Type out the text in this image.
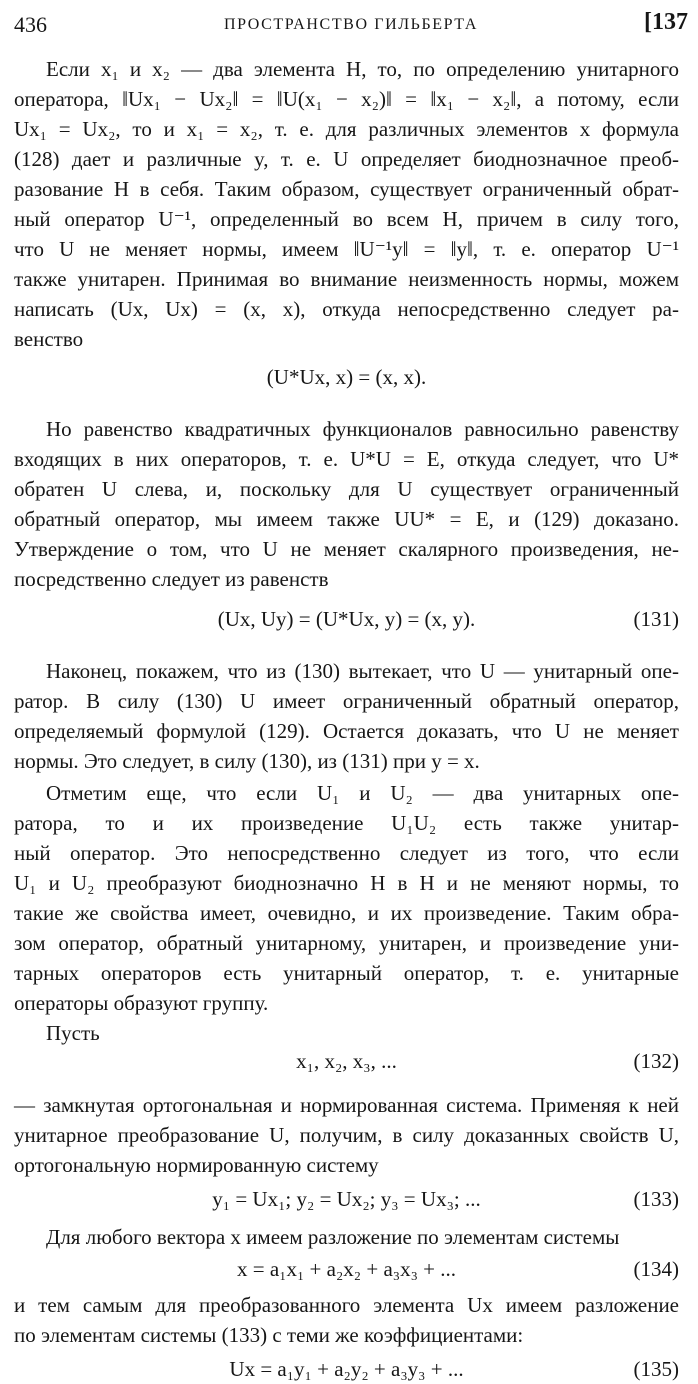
436	ПРОСТРАНСТВО ГИЛЬБЕРТА	[137
Если x₁ и x₂ — два элемента H, то, по определению унитарного
оператора, ‖Ux₁ − Ux₂‖ = ‖U(x₁ − x₂)‖ = ‖x₁ − x₂‖, а потому, если
Ux₁ = Ux₂, то и x₁ = x₂, т. е. для различных элементов x формула
(128) дает и различные y, т. е. U определяет биоднозначное преоб-
разование H в себя. Таким образом, существует ограниченный обрат-
ный оператор U⁻¹, определенный во всем H, причем в силу того,
что U не меняет нормы, имеем ‖U⁻¹y‖ = ‖y‖, т. е. оператор U⁻¹
также унитарен. Принимая во внимание неизменность нормы, можем
написать (Ux, Ux) = (x, x), откуда непосредственно следует ра-
венство
(U*Ux, x) = (x, x).
Но равенство квадратичных функционалов равносильно равенству
входящих в них операторов, т. е. U*U = E, откуда следует, что U*
обратен U слева, и, поскольку для U существует ограниченный
обратный оператор, мы имеем также UU* = E, и (129) доказано.
Утверждение о том, что U не меняет скалярного произведения, не-
посредственно следует из равенств
(Ux, Uy) = (U*Ux, y) = (x, y).	(131)
Наконец, покажем, что из (130) вытекает, что U — унитарный опе-
ратор. В силу (130) U имеет ограниченный обратный оператор,
определяемый формулой (129). Остается доказать, что U не меняет
нормы. Это следует, в силу (130), из (131) при y = x.
Отметим еще, что если U₁ и U₂ — два унитарных опе-
ратора, то и их произведение U₁U₂ есть также унитар-
ный оператор. Это непосредственно следует из того, что если
U₁ и U₂ преобразуют биоднозначно H в H и не меняют нормы, то
такие же свойства имеет, очевидно, и их произведение. Таким обра-
зом оператор, обратный унитарному, унитарен, и произведение уни-
тарных операторов есть унитарный оператор, т. е. унитарные
операторы образуют группу.
Пусть
x₁, x₂, x₃, ...	(132)
— замкнутая ортогональная и нормированная система. Применяя к ней
унитарное преобразование U, получим, в силу доказанных свойств U,
ортогональную нормированную систему
y₁ = Ux₁; y₂ = Ux₂; y₃ = Ux₃; ...	(133)
Для любого вектора x имеем разложение по элементам системы
x = a₁x₁ + a₂x₂ + a₃x₃ + ...	(134)
и тем самым для преобразованного элемента Ux имеем разложение
по элементам системы (133) с теми же коэффициентами:
Ux = a₁y₁ + a₂y₂ + a₃y₃ + ...	(135)
